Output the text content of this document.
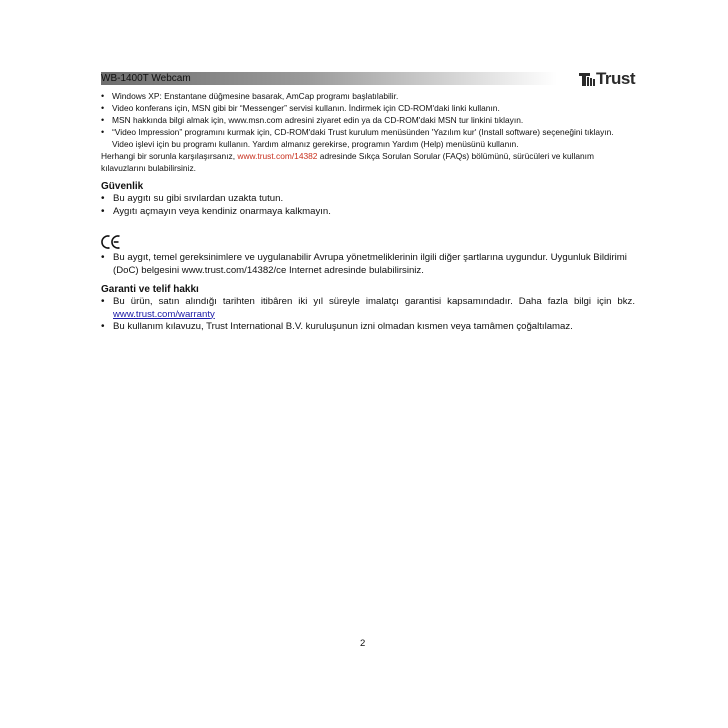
WB-1400T Webcam	Trust
• Windows XP: Enstantane düğmesine basarak, AmCap programı başlatılabilir.
• Video konferans için, MSN gibi bir “Messenger” servisi kullanın. İndirmek için CD-ROM'daki linki kullanın.
• MSN hakkında bilgi almak için, www.msn.com adresini ziyaret edin ya da CD-ROM'daki MSN tur linkini tıklayın.
• “Video Impression” programını kurmak için, CD-ROM'daki Trust kurulum menüsünden 'Yazılım kur' (Install software) seçeneğini tıklayın. Video işlevi için bu programı kullanın. Yardım almanız gerekirse, programın Yardım (Help) menüsünü kullanın.

Herhangi bir sorunla karşılaşırsanız, www.trust.com/14382 adresinde Sıkça Sorulan Sorular (FAQs) bölümünü, sürücüleri ve kullanım kılavuzlarını bulabilirsiniz.

Güvenlik
• Bu aygıtı su gibi sıvılardan uzakta tutun.
• Aygıtı açmayın veya kendiniz onarmaya kalkmayın.
• Bu aygıt, temel gereksinimlere ve uygulanabilir Avrupa yönetmeliklerinin ilgili diğer şartlarına uygundur. Uygunluk Bildirimi (DoC) belgesini www.trust.com/14382/ce Internet adresinde bulabilirsiniz.
Garanti ve telif hakkı
• Bu ürün, satın alındığı tarihten itibâren iki yıl süreyle imalatçı garantisi kapsamındadır. Daha fazla bilgi için bkz. www.trust.com/warranty
• Bu kullanım kılavuzu, Trust International B.V. kuruluşunun izni olmadan kısmen veya tamâmen çoğaltılamaz.
2
